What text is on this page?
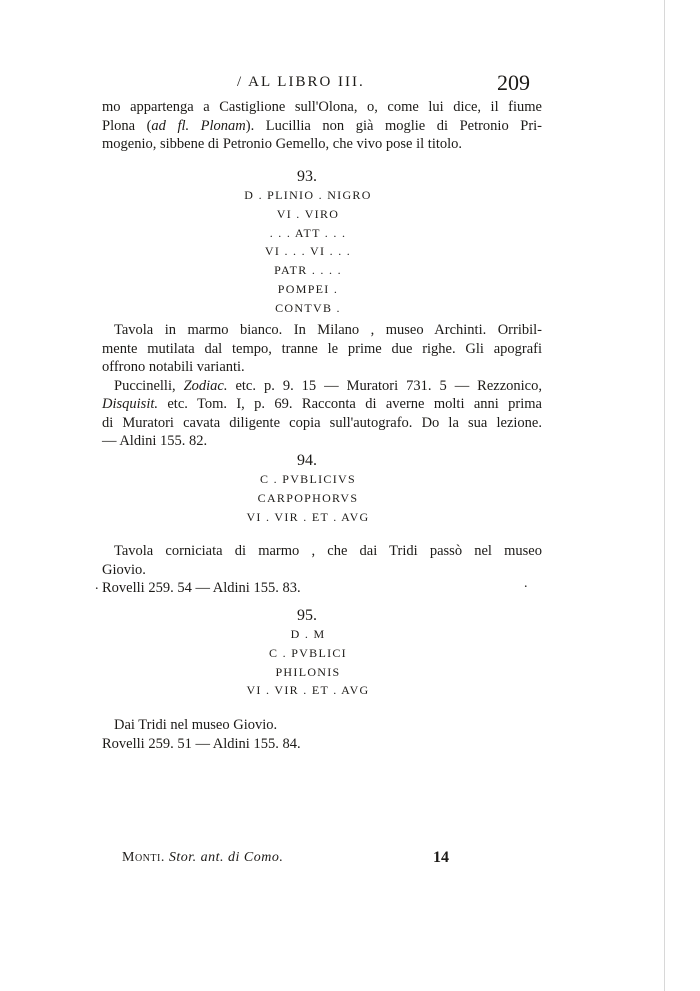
/ AL LIBRO III.	209
mo appartenga a Castiglione sull'Olona, o, come lui dice, il fiume
Plona (ad fl. Plonam). Lucillia non già moglie di Petronio Pri-
mogenio, sibbene di Petronio Gemello, che vivo pose il titolo.
93.
D . PLINIO . NIGRO
VI . VIRO
. . . ATT . . .
VI . . . VI . . .
PATR . . . .
POMPEI .
CONTVB .
Tavola in marmo bianco. In Milano , museo Archinti. Orribil-
mente mutilata dal tempo, tranne le prime due righe. Gli apografi
offrono notabili varianti.
Puccinelli, Zodiac. etc. p. 9. 15 — Muratori 731. 5 — Rezzonico,
Disquisit. etc. Tom. I, p. 69. Racconta di averne molti anni prima
di Muratori cavata diligente copia sull'autografo. Do la sua lezione.
— Aldini 155. 82.
94.
C . PVBLICIVS
CARPOPHORVS
VI . VIR . ET . AVG
Tavola corniciata di marmo , che dai Tridi passò nel museo
Giovio.
Rovelli 259. 54 — Aldini 155. 83.
.	.
95.
D . M
C . PVBLICI
PHILONIS
VI . VIR . ET . AVG
Dai Tridi nel museo Giovio.
Rovelli 259. 51 — Aldini 155. 84.
Monti. Stor. ant. di Como.	14
